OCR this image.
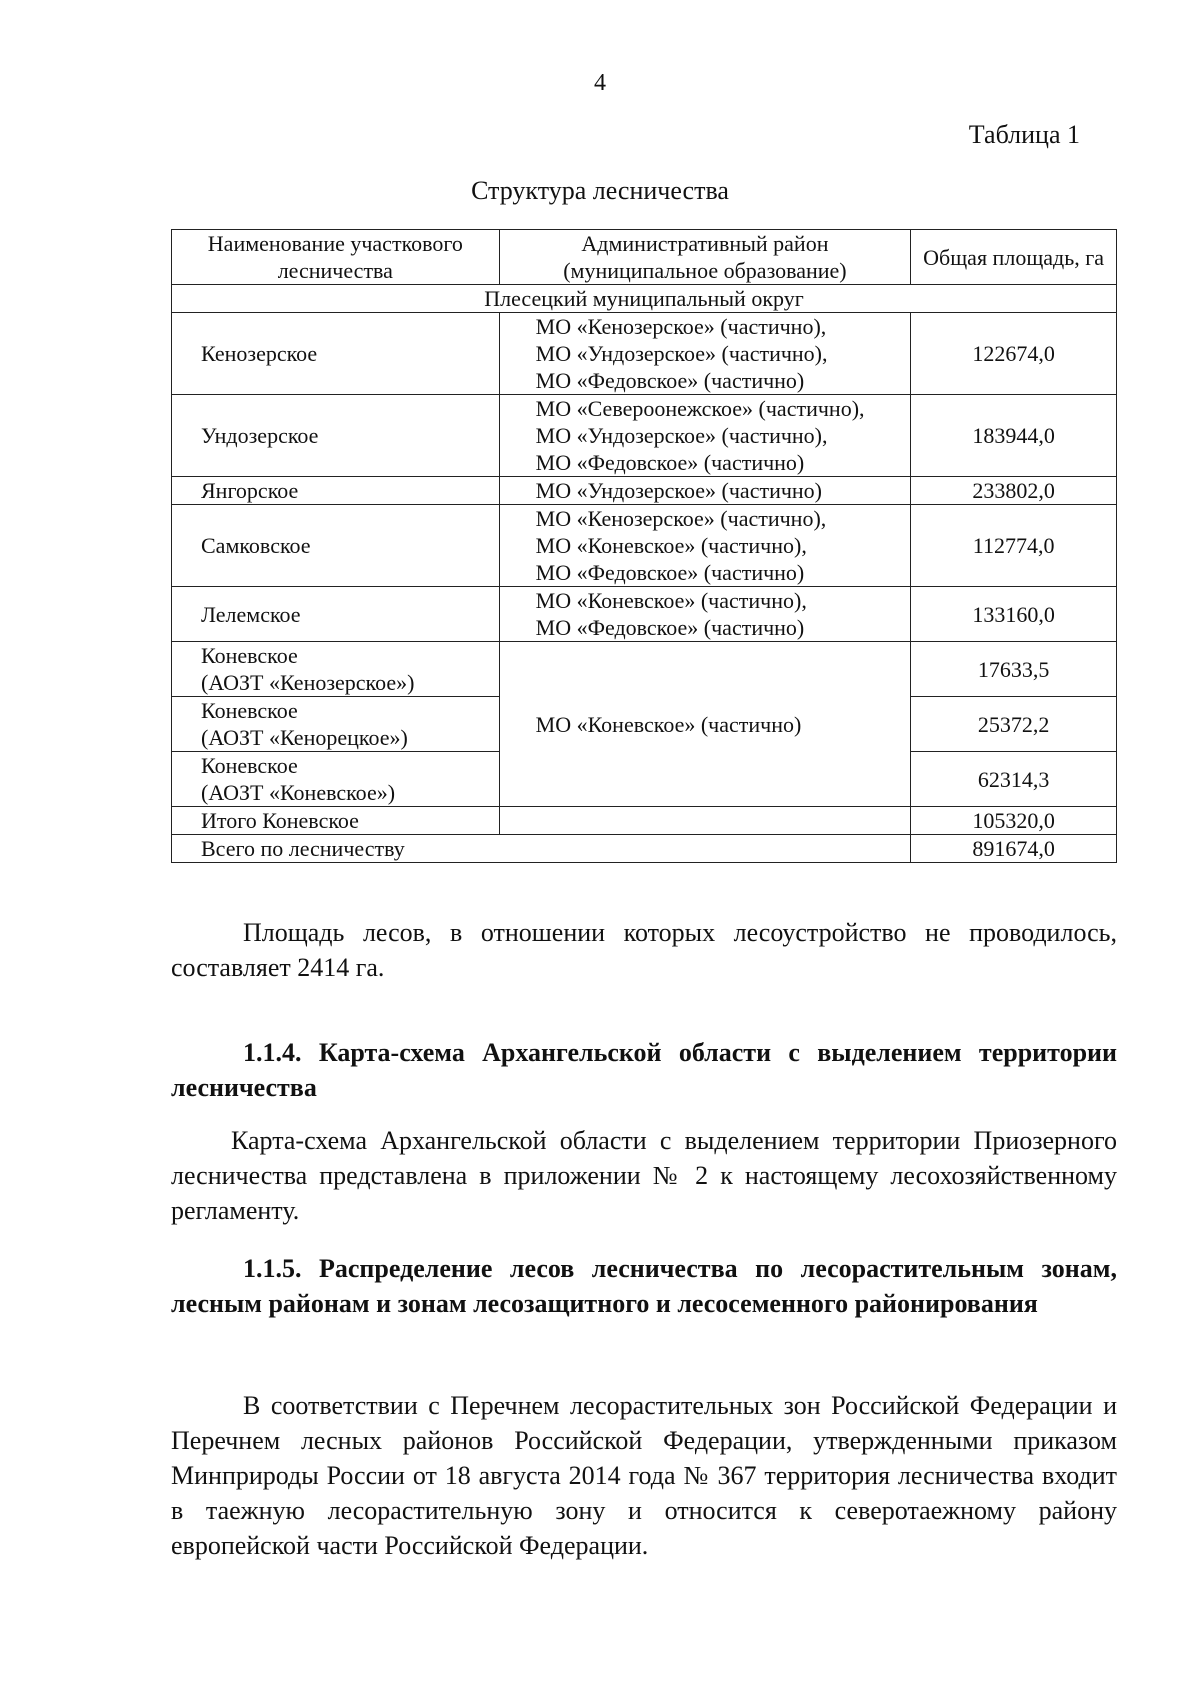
4
Таблица 1
Структура лесничества
Наименование участкового лесничества	Административный район (муниципальное образование)	Общая площадь, га
Плесецкий муниципальный округ		
Кенозерское	МО «Кенозерское» (частично),
МО «Ундозерское» (частично),
МО «Федовское» (частично)	122674,0
Ундозерское	МО «Североонежское» (частично),
МО «Ундозерское» (частично),
МО «Федовское» (частично)	183944,0
Янгорское	МО «Ундозерское» (частично)	233802,0
Самковское	МО «Кенозерское» (частично),
МО «Коневское» (частично),
МО «Федовское» (частично)	112774,0
Лелемское	МО «Коневское» (частично),
МО «Федовское» (частично)	133160,0

Коневское
(АОЗТ «Кенозерское»)	МО «Коневское» (частично)	17633,5

Коневское
(АОЗТ «Кенорецкое»)		25372,2

Коневское
(АОЗТ «Коневское»)		62314,3
Итого Коневское		105320,0
Всего по лесничеству		891674,0

Площадь лесов, в отношении которых лесоустройство не проводилось, составляет 2414 га.

1.1.4. Карта-схема Архангельской области с выделением территории лесничества

Карта-схема Архангельской области с выделением территории Приозерного лесничества представлена в приложении № 2 к настоящему лесохозяйственному регламенту.

1.1.5. Распределение лесов лесничества по лесорастительным зонам, лесным районам и зонам лесозащитного и лесосеменного районирования

В соответствии с Перечнем лесорастительных зон Российской Федерации и Перечнем лесных районов Российской Федерации, утвержденными приказом Минприроды России от 18 августа 2014 года № 367 территория лесничества входит в таежную лесорастительную зону и относится к северотаежному району европейской части Российской Федерации.
